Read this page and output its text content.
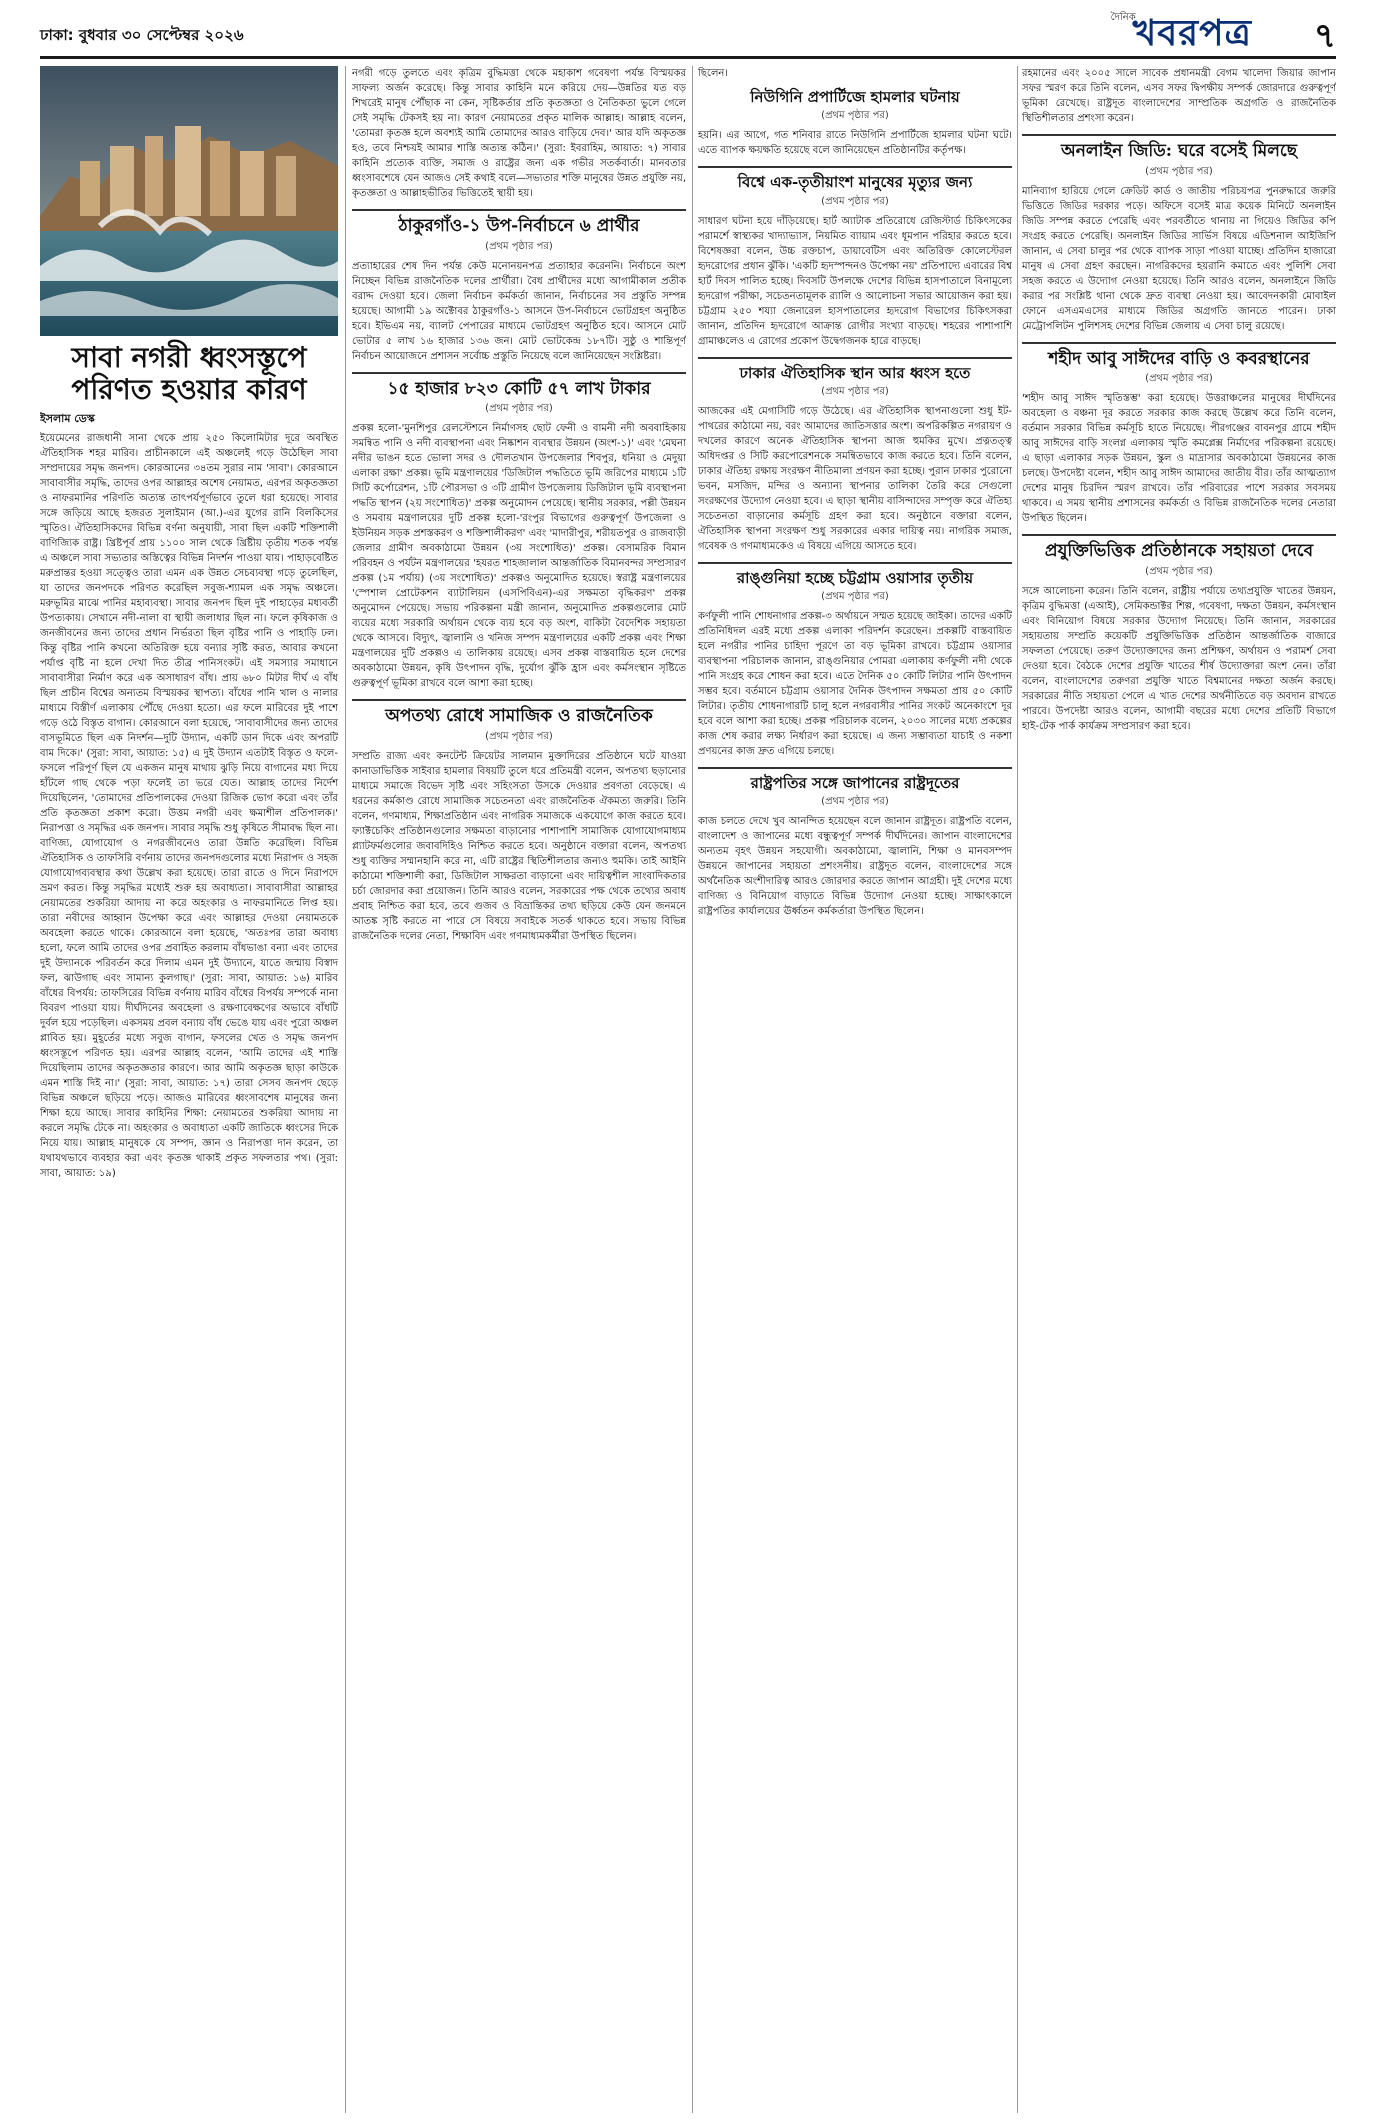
ঢাকা: বুধবার ৩০ সেপ্টেম্বর ২০২৬
দৈনিক
খবরপত্র ৭
সাবা নগরী ধ্বংসস্তূপে পরিণত হওয়ার কারণ
ইসলাম ডেস্ক

ইয়েমেনের রাজধানী সানা থেকে প্রায় ২৫০ কিলোমিটার দূরে অবস্থিত ঐতিহাসিক শহর মারিব। প্রাচীনকালে এই অঞ্চলেই গড়ে উঠেছিল সাবা সম্প্রদায়ের সমৃদ্ধ জনপদ। কোরআনের ৩৪তম সুরার নাম 'সাবা'। কোরআনে সাবাবাসীর সমৃদ্ধি, তাদের ওপর আল্লাহর অশেষ নেয়ামত, এরপর অকৃতজ্ঞতা ও নাফরমানির পরিণতি অত্যন্ত তাৎপর্যপূর্ণভাবে তুলে ধরা হয়েছে। সাবার সঙ্গে জড়িয়ে আছে হজরত সুলাইমান (আ.)-এর যুগের রানি বিলকিসের স্মৃতিও। ঐতিহাসিকদের বিভিন্ন বর্ণনা অনুযায়ী, সাবা ছিল একটি শক্তিশালী বাণিজ্যিক রাষ্ট্র। খ্রিষ্টপূর্ব প্রায় ১১০০ সাল থেকে খ্রিষ্টীয় তৃতীয় শতক পর্যন্ত এ অঞ্চলে সাবা সভ্যতার অস্তিত্বের বিভিন্ন নিদর্শন পাওয়া যায়। পাহাড়বেষ্টিত মরুপ্রান্তর হওয়া সত্ত্বেও তারা এমন এক উন্নত সেচব্যবস্থা গড়ে তুলেছিল, যা তাদের জনপদকে পরিণত করেছিল সবুজ-শ্যামল এক সমৃদ্ধ অঞ্চলে। মরুভূমির মাঝে পানির মহাব্যবস্থা। সাবার জনপদ ছিল দুই পাহাড়ের মধ্যবর্তী উপত্যকায়। সেখানে নদী-নালা বা স্থায়ী জলাধার ছিল না। ফলে কৃষিকাজ ও জনজীবনের জন্য তাদের প্রধান নির্ভরতা ছিল বৃষ্টির পানি ও পাহাড়ি ঢল। কিন্তু বৃষ্টির পানি কখনো অতিরিক্ত হয়ে বন্যার সৃষ্টি করত, আবার কখনো পর্যাপ্ত বৃষ্টি না হলে দেখা দিত তীব্র পানিসংকট। এই সমস্যার সমাধানে সাবাবাসীরা নির্মাণ করে এক অসাধারণ বাঁধ। প্রায় ৬৮০ মিটার দীর্ঘ এ বাঁধ ছিল প্রাচীন বিশ্বের অন্যতম বিস্ময়কর স্থাপত্য। বাঁধের পানি খাল ও নালার মাধ্যমে বিস্তীর্ণ এলাকায় পৌঁছে দেওয়া হতো। এর ফলে মারিবের দুই পাশে গড়ে ওঠে বিস্তৃত বাগান। কোরআনে বলা হয়েছে, 'সাবাবাসীদের জন্য তাদের বাসভূমিতে ছিল এক নিদর্শন—দুটি উদ্যান, একটি ডান দিকে এবং অপরটি বাম দিকে।' (সুরা: সাবা, আয়াত: ১৫) এ দুই উদ্যান এতটাই বিস্তৃত ও ফলে-ফসলে পরিপূর্ণ ছিল যে একজন মানুষ মাথায় ঝুড়ি নিয়ে বাগানের মধ্য দিয়ে হাঁটলে গাছ থেকে পড়া ফলেই তা ভরে যেত। আল্লাহ তাদের নির্দেশ দিয়েছিলেন, 'তোমাদের প্রতিপালকের দেওয়া রিজিক ভোগ করো এবং তাঁর প্রতি কৃতজ্ঞতা প্রকাশ করো। উত্তম নগরী এবং ক্ষমাশীল প্রতিপালক।' নিরাপত্তা ও সমৃদ্ধির এক জনপদ। সাবার সমৃদ্ধি শুধু কৃষিতে সীমাবদ্ধ ছিল না। বাণিজ্য, যোগাযোগ ও নগরজীবনেও তারা উন্নতি করেছিল। বিভিন্ন ঐতিহাসিক ও তাফসিরি বর্ণনায় তাদের জনপদগুলোর মধ্যে নিরাপদ ও সহজ যোগাযোগব্যবস্থার কথা উল্লেখ করা হয়েছে। তারা রাতে ও দিনে নিরাপদে ভ্রমণ করত। কিন্তু সমৃদ্ধির মধ্যেই শুরু হয় অবাধ্যতা। সাবাবাসীরা আল্লাহর নেয়ামতের শুকরিয়া আদায় না করে অহংকার ও নাফরমানিতে লিপ্ত হয়। তারা নবীদের আহ্বান উপেক্ষা করে এবং আল্লাহর দেওয়া নেয়ামতকে অবহেলা করতে থাকে। কোরআনে বলা হয়েছে, 'অতঃপর তারা অবাধ্য হলো, ফলে আমি তাদের ওপর প্রবাহিত করলাম বাঁধভাঙা বন্যা এবং তাদের দুই উদ্যানকে পরিবর্তন করে দিলাম এমন দুই উদ্যানে, যাতে জন্মায় বিস্বাদ ফল, ঝাউগাছ এবং সামান্য কুলগাছ।' (সুরা: সাবা, আয়াত: ১৬) মারিব বাঁধের বিপর্যয়: তাফসিরের বিভিন্ন বর্ণনায় মারিব বাঁধের বিপর্যয় সম্পর্কে নানা বিবরণ পাওয়া যায়। দীর্ঘদিনের অবহেলা ও রক্ষণাবেক্ষণের অভাবে বাঁধটি দুর্বল হয়ে পড়েছিল। একসময় প্রবল বন্যায় বাঁধ ভেঙে যায় এবং পুরো অঞ্চল প্লাবিত হয়। মুহূর্তের মধ্যে সবুজ বাগান, ফসলের খেত ও সমৃদ্ধ জনপদ ধ্বংসস্তূপে পরিণত হয়। এরপর আল্লাহ বলেন, 'আমি তাদের এই শাস্তি দিয়েছিলাম তাদের অকৃতজ্ঞতার কারণে। আর আমি অকৃতজ্ঞ ছাড়া কাউকে এমন শাস্তি দিই না।' (সুরা: সাবা, আয়াত: ১৭) তারা সেসব জনপদ ছেড়ে বিভিন্ন অঞ্চলে ছড়িয়ে পড়ে। আজও মারিবের ধ্বংসাবশেষ মানুষের জন্য শিক্ষা হয়ে আছে। সাবার কাহিনির শিক্ষা: নেয়ামতের শুকরিয়া আদায় না করলে সমৃদ্ধি টেকে না। অহংকার ও অবাধ্যতা একটি জাতিকে ধ্বংসের দিকে নিয়ে যায়। আল্লাহ মানুষকে যে সম্পদ, জ্ঞান ও নিরাপত্তা দান করেন, তা যথাযথভাবে ব্যবহার করা এবং কৃতজ্ঞ থাকাই প্রকৃত সফলতার পথ। (সুরা: সাবা, আয়াত: ১৯)

নগরী গড়ে তুলতে এবং কৃত্রিম বুদ্ধিমত্তা থেকে মহাকাশ গবেষণা পর্যন্ত বিস্ময়কর সাফল্য অর্জন করেছে। কিন্তু সাবার কাহিনি মনে করিয়ে দেয়—উন্নতির যত বড় শিখরেই মানুষ পৌঁছাক না কেন, সৃষ্টিকর্তার প্রতি কৃতজ্ঞতা ও নৈতিকতা ভুলে গেলে সেই সমৃদ্ধি টেকসই হয় না। কারণ নেয়ামতের প্রকৃত মালিক আল্লাহ। আল্লাহ বলেন, 'তোমরা কৃতজ্ঞ হলে অবশ্যই আমি তোমাদের আরও বাড়িয়ে দেব।' আর যদি অকৃতজ্ঞ হও, তবে নিশ্চয়ই আমার শাস্তি অত্যন্ত কঠিন।' (সুরা: ইবরাহিম, আয়াত: ৭) সাবার কাহিনি প্রত্যেক ব্যক্তি, সমাজ ও রাষ্ট্রের জন্য এক গভীর সতর্কবার্তা। মানবতার ধ্বংসাবশেষে যেন আজও সেই কথাই বলে—সভ্যতার শক্তি মানুষের উন্নত প্রযুক্তি নয়, কৃতজ্ঞতা ও আল্লাহভীতির ভিত্তিতেই স্থায়ী হয়।

ঠাকুরগাঁও-১ উপ-নির্বাচনে ৬ প্রার্থীর
(প্রথম পৃষ্ঠার পর)

প্রত্যাহারের শেষ দিন পর্যন্ত কেউ মনোনয়নপত্র প্রত্যাহার করেননি। নির্বাচনে অংশ নিচ্ছেন বিভিন্ন রাজনৈতিক দলের প্রার্থীরা। বৈধ প্রার্থীদের মধ্যে আগামীকাল প্রতীক বরাদ্দ দেওয়া হবে। জেলা নির্বাচন কর্মকর্তা জানান, নির্বাচনের সব প্রস্তুতি সম্পন্ন হয়েছে। আগামী ১৯ অক্টোবর ঠাকুরগাঁও-১ আসনে উপ-নির্বাচনে ভোটগ্রহণ অনুষ্ঠিত হবে। ইভিএম নয়, ব্যালট পেপারের মাধ্যমে ভোটগ্রহণ অনুষ্ঠিত হবে। আসনে মোট ভোটার ৫ লাখ ১৬ হাজার ১৩৬ জন। মোট ভোটকেন্দ্র ১৮৭টি। সুষ্ঠু ও শান্তিপূর্ণ নির্বাচন আয়োজনে প্রশাসন সর্বোচ্চ প্রস্তুতি নিয়েছে বলে জানিয়েছেন সংশ্লিষ্টরা।

১৫ হাজার ৮২৩ কোটি ৫৭ লাখ টাকার
(প্রথম পৃষ্ঠার পর)

প্রকল্প হলো-'মুনশিপুর রেলস্টেশনে নির্মাণসহ ছোট ফেনী ও বামনী নদী অববাহিকায় সমন্বিত পানি ও নদী ব্যবস্থাপনা এবং নিষ্কাশন ব্যবস্থার উন্নয়ন (অংশ-১)' এবং 'মেঘনা নদীর ভাঙন হতে ভোলা সদর ও দৌলতখান উপজেলার শিবপুর, ধনিয়া ও মেদুয়া এলাকা রক্ষা' প্রকল্প। ভূমি মন্ত্রণালয়ের 'ডিজিটাল পদ্ধতিতে ভূমি জরিপের মাধ্যমে ১টি সিটি কর্পোরেশন, ১টি পৌরসভা ও ৩টি গ্রামীণ উপজেলায় ডিজিটাল ভূমি ব্যবস্থাপনা পদ্ধতি স্থাপন (২য় সংশোধিত)' প্রকল্প অনুমোদন পেয়েছে। স্থানীয় সরকার, পল্লী উন্নয়ন ও সমবায় মন্ত্রণালয়ের দুটি প্রকল্প হলো-'রংপুর বিভাগের গুরুত্বপূর্ণ উপজেলা ও ইউনিয়ন সড়ক প্রশস্তকরণ ও শক্তিশালীকরণ' এবং 'মাদারীপুর, শরীয়তপুর ও রাজবাড়ী জেলার গ্রামীণ অবকাঠামো উন্নয়ন (৩য় সংশোধিত)' প্রকল্প। বেসামরিক বিমান পরিবহন ও পর্যটন মন্ত্রণালয়ের 'হযরত শাহজালাল আন্তর্জাতিক বিমানবন্দর সম্প্রসারণ প্রকল্প (১ম পর্যায়) (৩য় সংশোধিত)' প্রকল্পও অনুমোদিত হয়েছে। স্বরাষ্ট্র মন্ত্রণালয়ের 'স্পেশাল প্রোটেকশন ব্যাটালিয়ন (এসপিবিএন)-এর সক্ষমতা বৃদ্ধিকরণ' প্রকল্প অনুমোদন পেয়েছে। সভায় পরিকল্পনা মন্ত্রী জানান, অনুমোদিত প্রকল্পগুলোর মোট ব্যয়ের মধ্যে সরকারি অর্থায়ন থেকে ব্যয় হবে বড় অংশ, বাকিটা বৈদেশিক সহায়তা থেকে আসবে। বিদ্যুৎ, জ্বালানি ও খনিজ সম্পদ মন্ত্রণালয়ের একটি প্রকল্প এবং শিক্ষা মন্ত্রণালয়ের দুটি প্রকল্পও এ তালিকায় রয়েছে। এসব প্রকল্প বাস্তবায়িত হলে দেশের অবকাঠামো উন্নয়ন, কৃষি উৎপাদন বৃদ্ধি, দুর্যোগ ঝুঁকি হ্রাস এবং কর্মসংস্থান সৃষ্টিতে গুরুত্বপূর্ণ ভূমিকা রাখবে বলে আশা করা হচ্ছে।

অপতথ্য রোধে সামাজিক ও রাজনৈতিক
(প্রথম পৃষ্ঠার পর)

সম্প্রতি রাজ্য এবং কনটেন্ট ক্রিয়েটর সালমান মুক্তাদিরের প্রতিষ্ঠানে ঘটে যাওয়া কানাডাভিত্তিক সাইবার হামলার বিষয়টি তুলে ধরে প্রতিমন্ত্রী বলেন, অপতথ্য ছড়ানোর মাধ্যমে সমাজে বিভেদ সৃষ্টি এবং সহিংসতা উসকে দেওয়ার প্রবণতা বেড়েছে। এ ধরনের কর্মকাণ্ড রোধে সামাজিক সচেতনতা এবং রাজনৈতিক ঐকমত্য জরুরি। তিনি বলেন, গণমাধ্যম, শিক্ষাপ্রতিষ্ঠান এবং নাগরিক সমাজকে একযোগে কাজ করতে হবে। ফ্যাক্টচেকিং প্রতিষ্ঠানগুলোর সক্ষমতা বাড়ানোর পাশাপাশি সামাজিক যোগাযোগমাধ্যম প্ল্যাটফর্মগুলোর জবাবদিহিও নিশ্চিত করতে হবে। অনুষ্ঠানে বক্তারা বলেন, অপতথ্য শুধু ব্যক্তির সম্মানহানি করে না, এটি রাষ্ট্রের স্থিতিশীলতার জন্যও হুমকি। তাই আইনি কাঠামো শক্তিশালী করা, ডিজিটাল সাক্ষরতা বাড়ানো এবং দায়িত্বশীল সাংবাদিকতার চর্চা জোরদার করা প্রয়োজন। তিনি আরও বলেন, সরকারের পক্ষ থেকে তথ্যের অবাধ প্রবাহ নিশ্চিত করা হবে, তবে গুজব ও বিভ্রান্তিকর তথ্য ছড়িয়ে কেউ যেন জনমনে আতঙ্ক সৃষ্টি করতে না পারে সে বিষয়ে সবাইকে সতর্ক থাকতে হবে। সভায় বিভিন্ন রাজনৈতিক দলের নেতা, শিক্ষাবিদ এবং গণমাধ্যমকর্মীরা উপস্থিত ছিলেন।

ছিলেন।

নিউগিনি প্রপার্টিজে হামলার ঘটনায়
(প্রথম পৃষ্ঠার পর)

হয়নি। এর আগে, গত শনিবার রাতে নিউগিনি প্রপার্টিজে হামলার ঘটনা ঘটে। এতে ব্যাপক ক্ষয়ক্ষতি হয়েছে বলে জানিয়েছেন প্রতিষ্ঠানটির কর্তৃপক্ষ।

বিশ্বে এক-তৃতীয়াংশ মানুষের মৃত্যুর জন্য
(প্রথম পৃষ্ঠার পর)

সাধারণ ঘটনা হয়ে দাঁড়িয়েছে। হার্ট অ্যাটাক প্রতিরোধে রেজিস্টার্ড চিকিৎসকের পরামর্শে স্বাস্থ্যকর খাদ্যাভ্যাস, নিয়মিত ব্যায়াম এবং ধূমপান পরিহার করতে হবে। বিশেষজ্ঞরা বলেন, উচ্চ রক্তচাপ, ডায়াবেটিস এবং অতিরিক্ত কোলেস্টেরল হৃদরোগের প্রধান ঝুঁকি। 'একটি হৃদস্পন্দনও উপেক্ষা নয়' প্রতিপাদ্যে এবারের বিশ্ব হার্ট দিবস পালিত হচ্ছে। দিবসটি উপলক্ষে দেশের বিভিন্ন হাসপাতালে বিনামূল্যে হৃদরোগ পরীক্ষা, সচেতনতামূলক র‍্যালি ও আলোচনা সভার আয়োজন করা হয়। চট্টগ্রাম ২৫০ শয্যা জেনারেল হাসপাতালের হৃদরোগ বিভাগের চিকিৎসকরা জানান, প্রতিদিন হৃদরোগে আক্রান্ত রোগীর সংখ্যা বাড়ছে। শহরের পাশাপাশি গ্রামাঞ্চলেও এ রোগের প্রকোপ উদ্বেগজনক হারে বাড়ছে।

ঢাকার ঐতিহাসিক স্থান আর ধ্বংস হতে
(প্রথম পৃষ্ঠার পর)

আজকের এই মেগাসিটি গড়ে উঠেছে। এর ঐতিহাসিক স্থাপনাগুলো শুধু ইট-পাথরের কাঠামো নয়, বরং আমাদের জাতিসত্তার অংশ। অপরিকল্পিত নগরায়ণ ও দখলের কারণে অনেক ঐতিহাসিক স্থাপনা আজ হুমকির মুখে। প্রত্নতত্ত্ব অধিদপ্তর ও সিটি করপোরেশনকে সমন্বিতভাবে কাজ করতে হবে। তিনি বলেন, ঢাকার ঐতিহ্য রক্ষায় সংরক্ষণ নীতিমালা প্রণয়ন করা হচ্ছে। পুরান ঢাকার পুরোনো ভবন, মসজিদ, মন্দির ও অন্যান্য স্থাপনার তালিকা তৈরি করে সেগুলো সংরক্ষণের উদ্যোগ নেওয়া হবে। এ ছাড়া স্থানীয় বাসিন্দাদের সম্পৃক্ত করে ঐতিহ্য সচেতনতা বাড়ানোর কর্মসূচি গ্রহণ করা হবে। অনুষ্ঠানে বক্তারা বলেন, ঐতিহাসিক স্থাপনা সংরক্ষণ শুধু সরকারের একার দায়িত্ব নয়। নাগরিক সমাজ, গবেষক ও গণমাধ্যমকেও এ বিষয়ে এগিয়ে আসতে হবে।

রাঙ্গুনিয়া হচ্ছে চট্টগ্রাম ওয়াসার তৃতীয়
(প্রথম পৃষ্ঠার পর)

কর্ণফুলী পানি শোধনাগার প্রকল্প-৩ অর্থায়নে সম্মত হয়েছে জাইকা। তাদের একটি প্রতিনিধিদল এরই মধ্যে প্রকল্প এলাকা পরিদর্শন করেছেন। প্রকল্পটি বাস্তবায়িত হলে নগরীর পানির চাহিদা পূরণে তা বড় ভূমিকা রাখবে। চট্টগ্রাম ওয়াসার ব্যবস্থাপনা পরিচালক জানান, রাঙ্গুনিয়ার পোমরা এলাকায় কর্ণফুলী নদী থেকে পানি সংগ্রহ করে শোধন করা হবে। এতে দৈনিক ৫০ কোটি লিটার পানি উৎপাদন সম্ভব হবে। বর্তমানে চট্টগ্রাম ওয়াসার দৈনিক উৎপাদন সক্ষমতা প্রায় ৫০ কোটি লিটার। তৃতীয় শোধনাগারটি চালু হলে নগরবাসীর পানির সংকট অনেকাংশে দূর হবে বলে আশা করা হচ্ছে। প্রকল্প পরিচালক বলেন, ২০৩০ সালের মধ্যে প্রকল্পের কাজ শেষ করার লক্ষ্য নির্ধারণ করা হয়েছে। এ জন্য সম্ভাব্যতা যাচাই ও নকশা প্রণয়নের কাজ দ্রুত এগিয়ে চলছে।

রাষ্ট্রপতির সঙ্গে জাপানের রাষ্ট্রদূতের
(প্রথম পৃষ্ঠার পর)

কাজ চলতে দেখে খুব আনন্দিত হয়েছেন বলে জানান রাষ্ট্রদূত। রাষ্ট্রপতি বলেন, বাংলাদেশ ও জাপানের মধ্যে বন্ধুত্বপূর্ণ সম্পর্ক দীর্ঘদিনের। জাপান বাংলাদেশের অন্যতম বৃহৎ উন্নয়ন সহযোগী। অবকাঠামো, জ্বালানি, শিক্ষা ও মানবসম্পদ উন্নয়নে জাপানের সহায়তা প্রশংসনীয়। রাষ্ট্রদূত বলেন, বাংলাদেশের সঙ্গে অর্থনৈতিক অংশীদারিত্ব আরও জোরদার করতে জাপান আগ্রহী। দুই দেশের মধ্যে বাণিজ্য ও বিনিয়োগ বাড়াতে বিভিন্ন উদ্যোগ নেওয়া হচ্ছে। সাক্ষাৎকালে রাষ্ট্রপতির কার্যালয়ের ঊর্ধ্বতন কর্মকর্তারা উপস্থিত ছিলেন।

রহমানের এবং ২০০৫ সালে সাবেক প্রধানমন্ত্রী বেগম খালেদা জিয়ার জাপান সফর স্মরণ করে তিনি বলেন, এসব সফর দ্বিপক্ষীয় সম্পর্ক জোরদারে গুরুত্বপূর্ণ ভূমিকা রেখেছে। রাষ্ট্রদূত বাংলাদেশের সাম্প্রতিক অগ্রগতি ও রাজনৈতিক স্থিতিশীলতার প্রশংসা করেন।

অনলাইন জিডি: ঘরে বসেই মিলছে
(প্রথম পৃষ্ঠার পর)

মানিব্যাগ হারিয়ে গেলে ক্রেডিট কার্ড ও জাতীয় পরিচয়পত্র পুনরুদ্ধারে জরুরি ভিত্তিতে জিডির দরকার পড়ে। অফিসে বসেই মাত্র কয়েক মিনিটে অনলাইন জিডি সম্পন্ন করতে পেরেছি এবং পরবর্তীতে থানায় না গিয়েও জিডির কপি সংগ্রহ করতে পেরেছি। অনলাইন জিডির সার্ভিস বিষয়ে এডিশনাল আইজিপি জানান, এ সেবা চালুর পর থেকে ব্যাপক সাড়া পাওয়া যাচ্ছে। প্রতিদিন হাজারো মানুষ এ সেবা গ্রহণ করছেন। নাগরিকদের হয়রানি কমাতে এবং পুলিশি সেবা সহজ করতে এ উদ্যোগ নেওয়া হয়েছে। তিনি আরও বলেন, অনলাইনে জিডি করার পর সংশ্লিষ্ট থানা থেকে দ্রুত ব্যবস্থা নেওয়া হয়। আবেদনকারী মোবাইল ফোনে এসএমএসের মাধ্যমে জিডির অগ্রগতি জানতে পারেন। ঢাকা মেট্রোপলিটন পুলিশসহ দেশের বিভিন্ন জেলায় এ সেবা চালু রয়েছে।

শহীদ আবু সাঈদের বাড়ি ও কবরস্থানের
(প্রথম পৃষ্ঠার পর)

'শহীদ আবু সাঈদ স্মৃতিস্তম্ভ' করা হয়েছে। উত্তরাঞ্চলের মানুষের দীর্ঘদিনের অবহেলা ও বঞ্চনা দূর করতে সরকার কাজ করছে উল্লেখ করে তিনি বলেন, বর্তমান সরকার বিভিন্ন কর্মসূচি হাতে নিয়েছে। পীরগঞ্জের বাবনপুর গ্রামে শহীদ আবু সাঈদের বাড়ি সংলগ্ন এলাকায় স্মৃতি কমপ্লেক্স নির্মাণের পরিকল্পনা রয়েছে। এ ছাড়া এলাকার সড়ক উন্নয়ন, স্কুল ও মাদ্রাসার অবকাঠামো উন্নয়নের কাজ চলছে। উপদেষ্টা বলেন, শহীদ আবু সাঈদ আমাদের জাতীয় বীর। তাঁর আত্মত্যাগ দেশের মানুষ চিরদিন স্মরণ রাখবে। তাঁর পরিবারের পাশে সরকার সবসময় থাকবে। এ সময় স্থানীয় প্রশাসনের কর্মকর্তা ও বিভিন্ন রাজনৈতিক দলের নেতারা উপস্থিত ছিলেন।

প্রযুক্তিভিত্তিক প্রতিষ্ঠানকে সহায়তা দেবে
(প্রথম পৃষ্ঠার পর)

সঙ্গে আলোচনা করেন। তিনি বলেন, রাষ্ট্রীয় পর্যায়ে তথ্যপ্রযুক্তি খাতের উন্নয়ন, কৃত্রিম বুদ্ধিমত্তা (এআই), সেমিকন্ডাক্টর শিল্প, গবেষণা, দক্ষতা উন্নয়ন, কর্মসংস্থান এবং বিনিয়োগ বিষয়ে সরকার উদ্যোগ নিয়েছে। তিনি জানান, সরকারের সহায়তায় সম্প্রতি কয়েকটি প্রযুক্তিভিত্তিক প্রতিষ্ঠান আন্তর্জাতিক বাজারে সফলতা পেয়েছে। তরুণ উদ্যোক্তাদের জন্য প্রশিক্ষণ, অর্থায়ন ও পরামর্শ সেবা দেওয়া হবে। বৈঠকে দেশের প্রযুক্তি খাতের শীর্ষ উদ্যোক্তারা অংশ নেন। তাঁরা বলেন, বাংলাদেশের তরুণরা প্রযুক্তি খাতে বিশ্বমানের দক্ষতা অর্জন করছে। সরকারের নীতি সহায়তা পেলে এ খাত দেশের অর্থনীতিতে বড় অবদান রাখতে পারবে। উপদেষ্টা আরও বলেন, আগামী বছরের মধ্যে দেশের প্রতিটি বিভাগে হাই-টেক পার্ক কার্যক্রম সম্প্রসারণ করা হবে।
